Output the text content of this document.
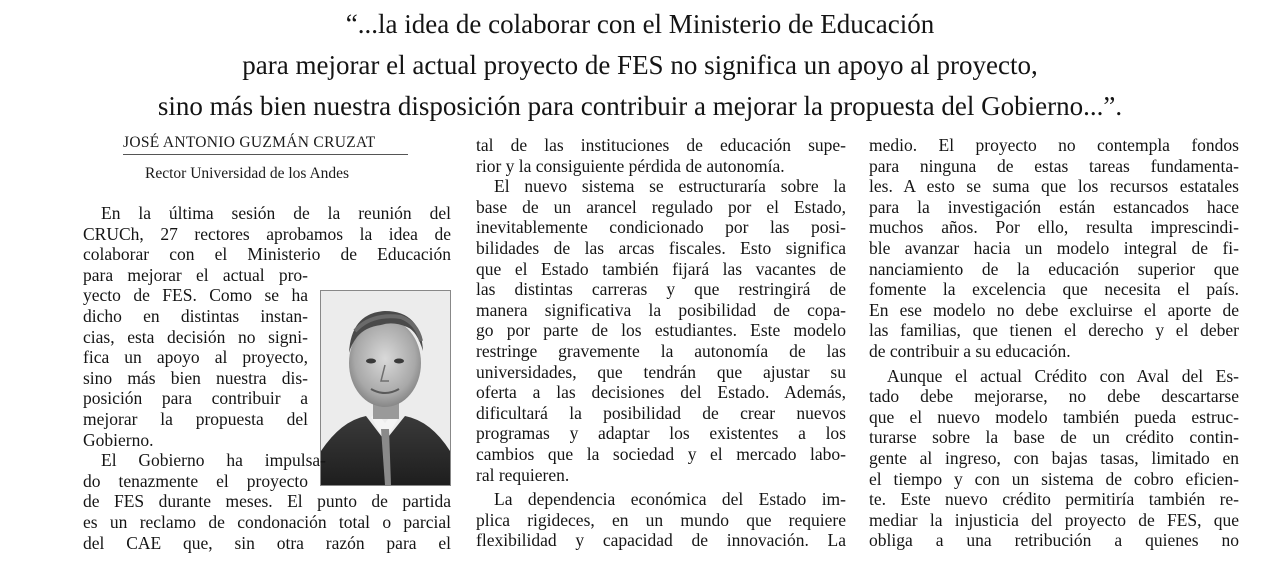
“...la idea de colaborar con el Ministerio de Educación
para mejorar el actual proyecto de FES no significa un apoyo al proyecto,
sino más bien nuestra disposición para contribuir a mejorar la propuesta del Gobierno...”.
JOSÉ ANTONIO GUZMÁN CRUZAT
Rector Universidad de los Andes
En la última sesión de la reunión del
CRUCh, 27 rectores aprobamos la idea de
colaborar con el Ministerio de Educación
para mejorar el actual pro-
yecto de FES. Como se ha
dicho en distintas instan-
cias, esta decisión no signi-
fica un apoyo al proyecto,
sino más bien nuestra dis-
posición para contribuir a
mejorar la propuesta del
Gobierno.
El Gobierno ha impulsa-
do tenazmente el proyecto
de FES durante meses. El punto de partida
es un reclamo de condonación total o parcial
del CAE que, sin otra razón para el
tal de las instituciones de educación supe-
rior y la consiguiente pérdida de autonomía.
El nuevo sistema se estructuraría sobre la
base de un arancel regulado por el Estado,
inevitablemente condicionado por las posi-
bilidades de las arcas fiscales. Esto significa
que el Estado también fijará las vacantes de
las distintas carreras y que restringirá de
manera significativa la posibilidad de copa-
go por parte de los estudiantes. Este modelo
restringe gravemente la autonomía de las
universidades, que tendrán que ajustar su
oferta a las decisiones del Estado. Además,
dificultará la posibilidad de crear nuevos
programas y adaptar los existentes a los
cambios que la sociedad y el mercado labo-
ral requieren.
La dependencia económica del Estado im-
plica rigideces, en un mundo que requiere
flexibilidad y capacidad de innovación. La
medio. El proyecto no contempla fondos
para ninguna de estas tareas fundamenta-
les. A esto se suma que los recursos estatales
para la investigación están estancados hace
muchos años. Por ello, resulta imprescindi-
ble avanzar hacia un modelo integral de fi-
nanciamiento de la educación superior que
fomente la excelencia que necesita el país.
En ese modelo no debe excluirse el aporte de
las familias, que tienen el derecho y el deber
de contribuir a su educación.
Aunque el actual Crédito con Aval del Es-
tado debe mejorarse, no debe descartarse
que el nuevo modelo también pueda estruc-
turarse sobre la base de un crédito contin-
gente al ingreso, con bajas tasas, limitado en
el tiempo y con un sistema de cobro eficien-
te. Este nuevo crédito permitiría también re-
mediar la injusticia del proyecto de FES, que
obliga a una retribución a quienes no
